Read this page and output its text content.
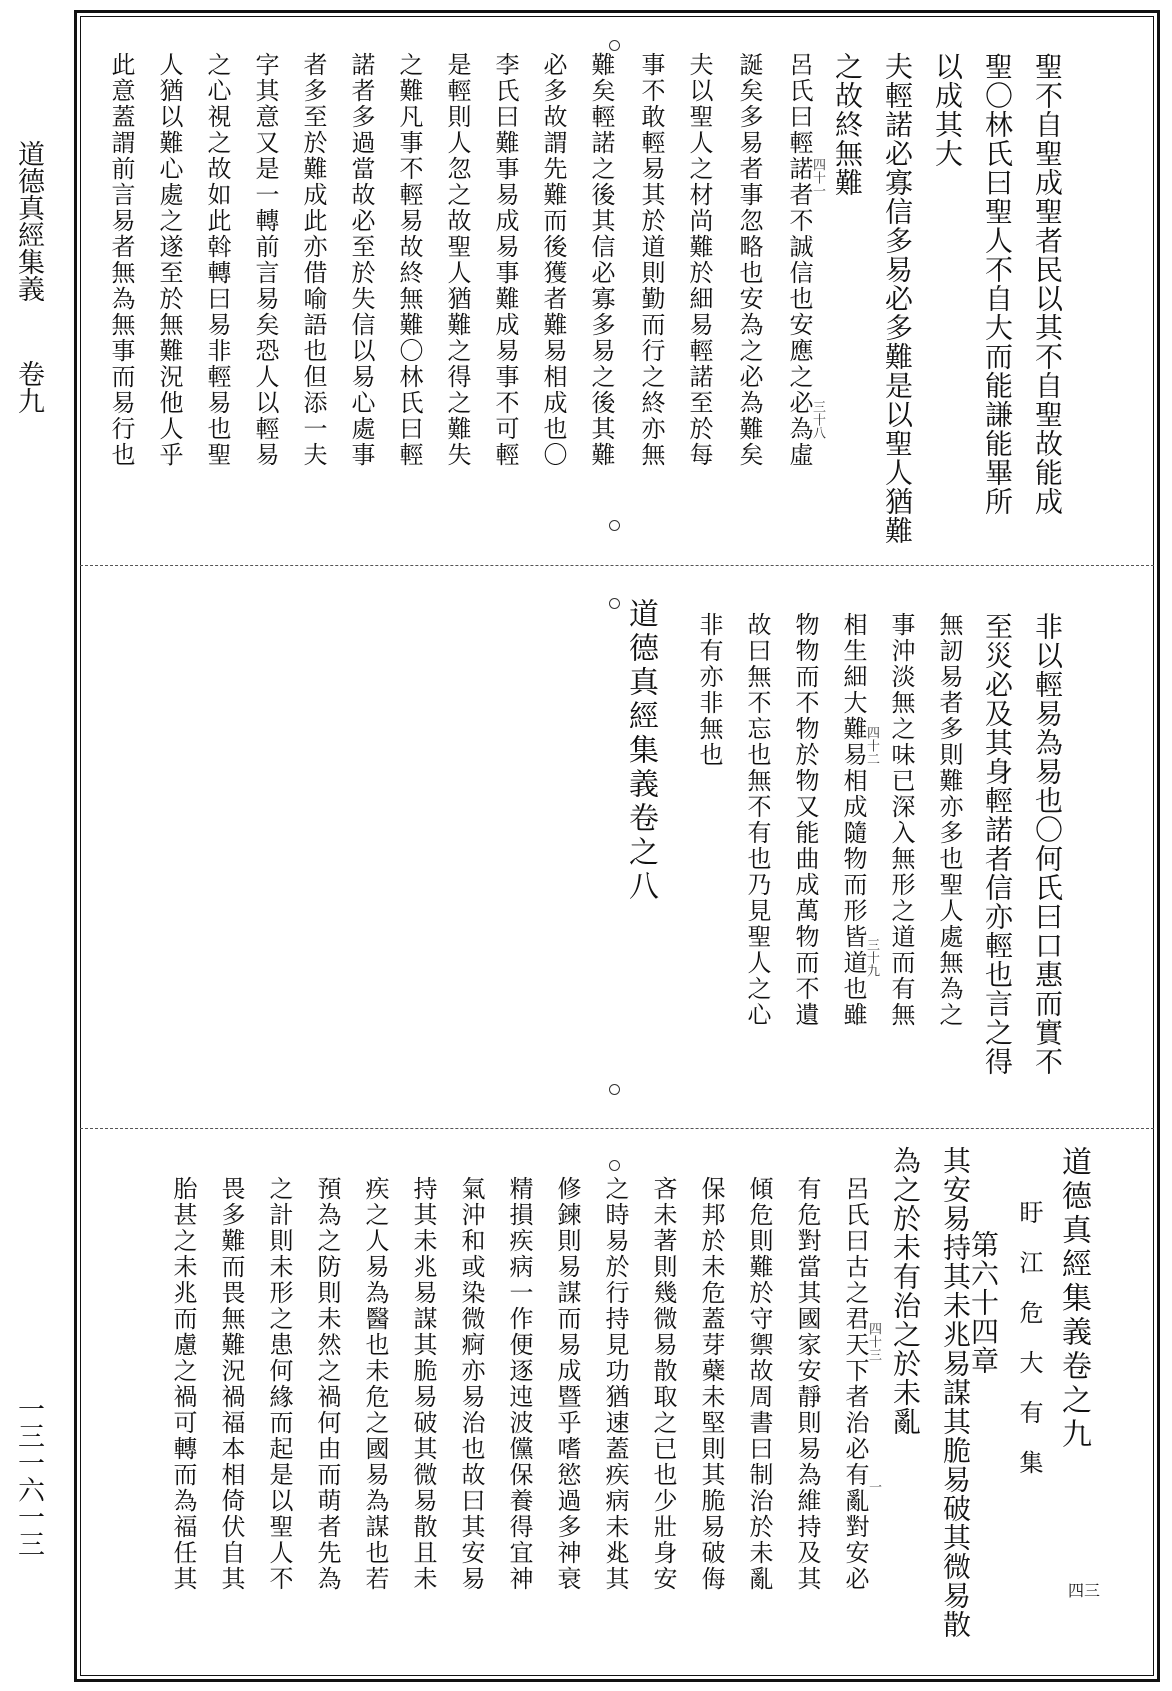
道德真經集義
卷九
一三一六一三
聖不自聖成聖者民以其不自聖故能成
聖〇林氏曰聖人不自大而能謙能畢所
以成其大
夫輕諾必寡信多易必多難是以聖人猶難
之故終無難
呂氏曰輕諾者不誠信也安應之必為虛
誕矣多易者事忽略也安為之必為難矣
夫以聖人之材尚難於細易輕諾至於每
事不敢輕易其於道則勤而行之終亦無
難矣輕諾之後其信必寡多易之後其難
必多故謂先難而後獲者難易相成也〇
李氏曰難事易成易事難成易事不可輕
是輕則人忽之故聖人猶難之得之難失
之難凡事不輕易故終無難〇林氏曰輕
諾者多過當故必至於失信以易心處事
者多至於難成此亦借喻語也但添一夫
字其意又是一轉前言易矣恐人以輕易
之心視之故如此斡轉曰易非輕易也聖
人猶以難心處之遂至於無難況他人乎
此意蓋謂前言易者無為無事而易行也	三十八
四十一
非以輕易為易也〇何氏曰口惠而實不
至災必及其身輕諾者信亦輕也言之得
無訒易者多則難亦多也聖人處無為之
事沖淡無之味已深入無形之道而有無
相生細大難易相成隨物而形皆道也雖
物物而不物於物又能曲成萬物而不遺
故曰無不忘也無不有也乃見聖人之心
非有亦非無也
道德真經集義卷之八
三十九
四十二
道德真經集義卷之九
盱江危大有集
四三
其安易持其未兆易謀其脆易破其微易散
為之於未有治之於未亂 第六十四章
呂氏曰古之君天下者治必有亂對安必
有危對當其國家安靜則易為維持及其
傾危則難於守禦故周書曰制治於未亂
保邦於未危蓋芽蘗未堅則其脆易破侮
吝未著則幾微易散取之已也少壯身安
之時易於行持見功猶速蓋疾病未兆其
修鍊則易謀而易成暨乎嗜慾過多神衰
精損疾病一作便逐迍波儻保養得宜神
氣沖和或染微痾亦易治也故曰其安易
持其未兆易謀其脆易破其微易散且未
疾之人易為醫也未危之國易為謀也若
預為之防則未然之禍何由而萌者先為
之計則未形之患何緣而起是以聖人不
畏多難而畏無難況禍福本相倚伏自其
胎甚之未兆而慮之禍可轉而為福任其	四十三
一
